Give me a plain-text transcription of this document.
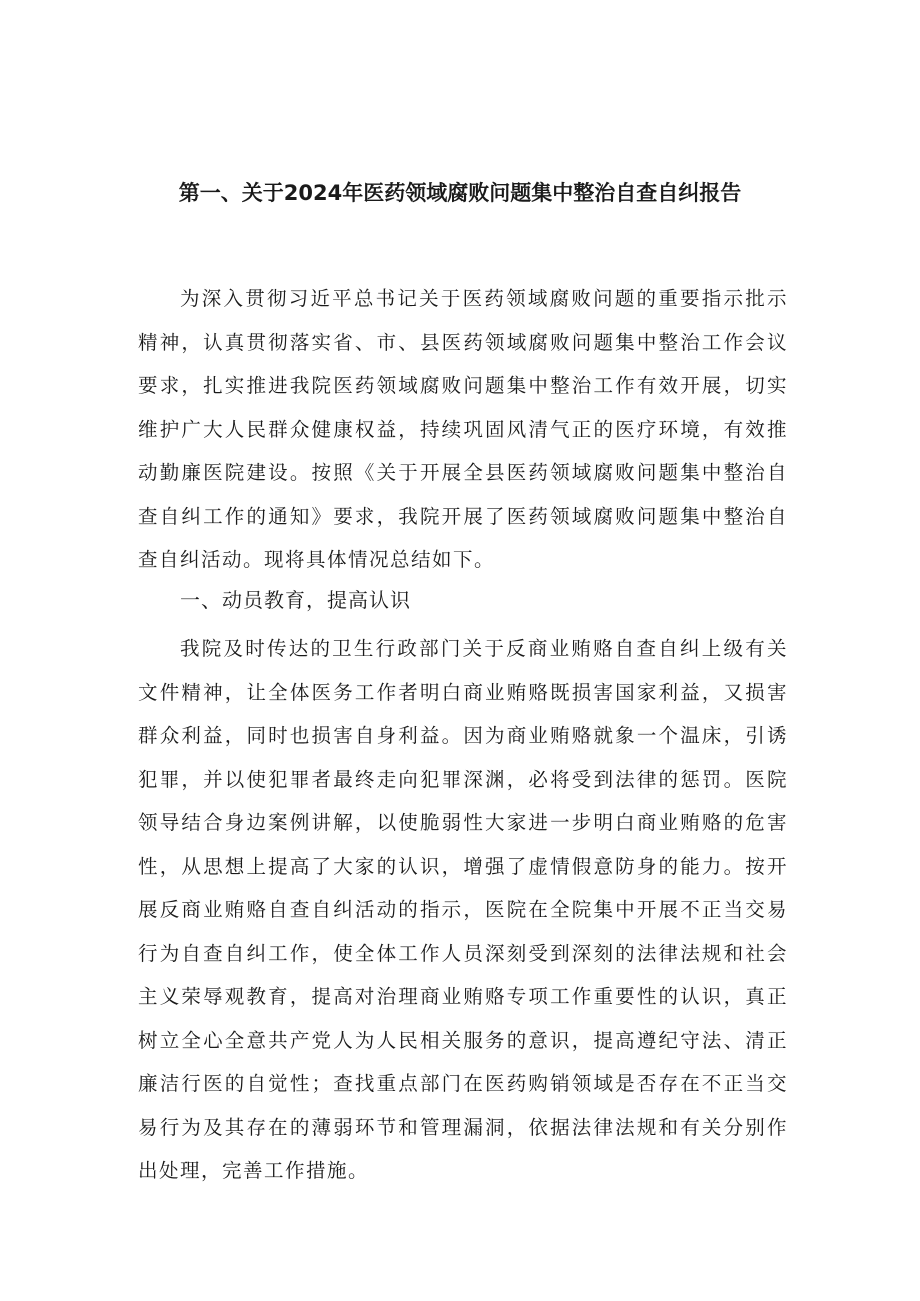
第一、关于2024年医药领域腐败问题集中整治自查自纠报告

为深入贯彻习近平总书记关于医药领域腐败问题的重要指示批示精神，认真贯彻落实省、市、县医药领域腐败问题集中整治工作会议要求，扎实推进我院医药领域腐败问题集中整治工作有效开展，切实维护广大人民群众健康权益，持续巩固风清气正的医疗环境，有效推动勤廉医院建设。按照《关于开展全县医药领域腐败问题集中整治自查自纠工作的通知》要求，我院开展了医药领域腐败问题集中整治自查自纠活动。现将具体情况总结如下。

一、动员教育，提高认识

我院及时传达的卫生行政部门关于反商业贿赂自查自纠上级有关文件精神，让全体医务工作者明白商业贿赂既损害国家利益，又损害群众利益，同时也损害自身利益。因为商业贿赂就象一个温床，引诱犯罪，并以使犯罪者最终走向犯罪深渊，必将受到法律的惩罚。医院领导结合身边案例讲解，以使脆弱性大家进一步明白商业贿赂的危害性，从思想上提高了大家的认识，增强了虚情假意防身的能力。按开展反商业贿赂自查自纠活动的指示，医院在全院集中开展不正当交易行为自查自纠工作，使全体工作人员深刻受到深刻的法律法规和社会主义荣辱观教育，提高对治理商业贿赂专项工作重要性的认识，真正树立全心全意共产党人为人民相关服务的意识，提高遵纪守法、清正廉洁行医的自觉性；查找重点部门在医药购销领域是否存在不正当交易行为及其存在的薄弱环节和管理漏洞，依据法律法规和有关分别作出处理，完善工作措施。
